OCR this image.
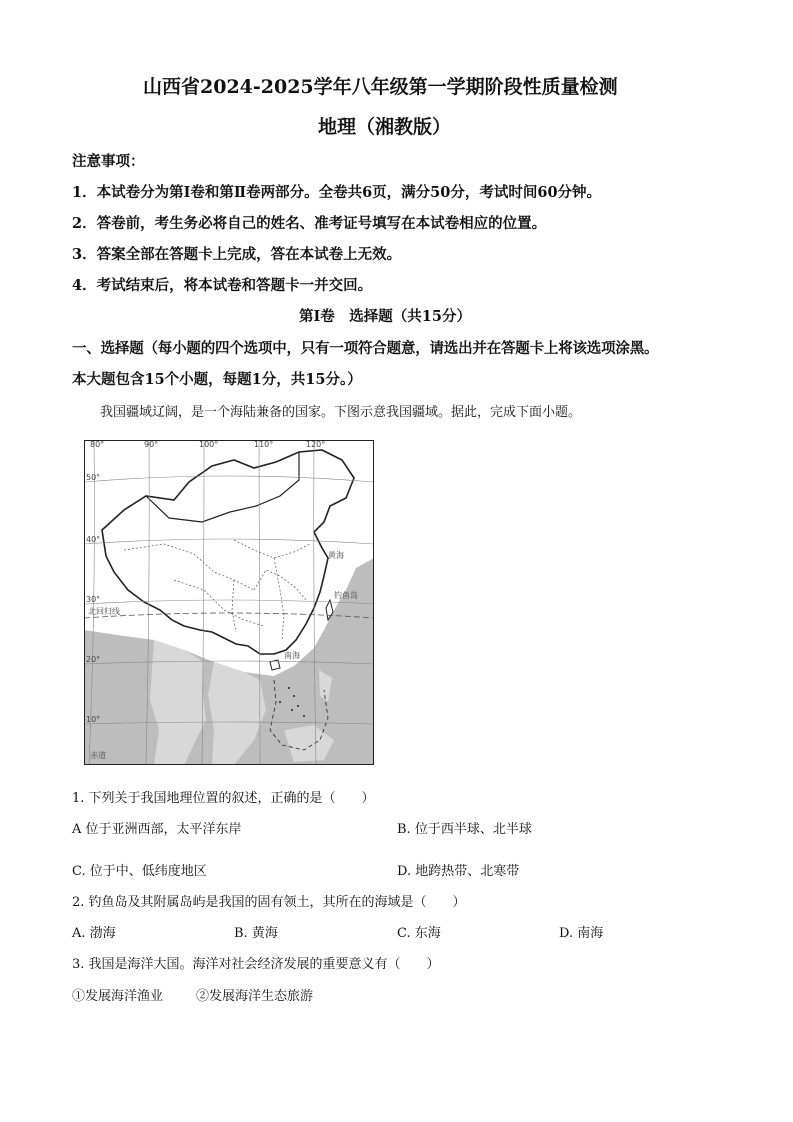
山西省2024-2025学年八年级第一学期阶段性质量检测
地理（湘教版）
注意事项：
1．本试卷分为第Ⅰ卷和第Ⅱ卷两部分。全卷共6页，满分50分，考试时间60分钟。
2．答卷前，考生务必将自己的姓名、准考证号填写在本试卷相应的位置。
3．答案全部在答题卡上完成，答在本试卷上无效。
4．考试结束后，将本试卷和答题卡一并交回。
第Ⅰ卷　选择题（共15分）
一、选择题（每小题的四个选项中，只有一项符合题意，请选出并在答题卡上将该选项涂黑。
本大题包含15个小题，每题1分，共15分。）
我国疆域辽阔，是一个海陆兼备的国家。下图示意我国疆域。据此，完成下面小题。
80°	90°	100°	110°	120°
50°
40°
30°
20°
10°
北回归线
黄海
钓鱼岛
南海
赤道
1. 下列关于我国地理位置的叙述，正确的是（　　）
A 位于亚洲西部，太平洋东岸	B. 位于西半球、北半球
C. 位于中、低纬度地区	D. 地跨热带、北寒带
2. 钓鱼岛及其附属岛屿是我国的固有领土，其所在的海域是（　　）
A. 渤海	B. 黄海	C. 东海	D. 南海
3. 我国是海洋大国。海洋对社会经济发展的重要意义有（　　）
①发展海洋渔业	②发展海洋生态旅游
